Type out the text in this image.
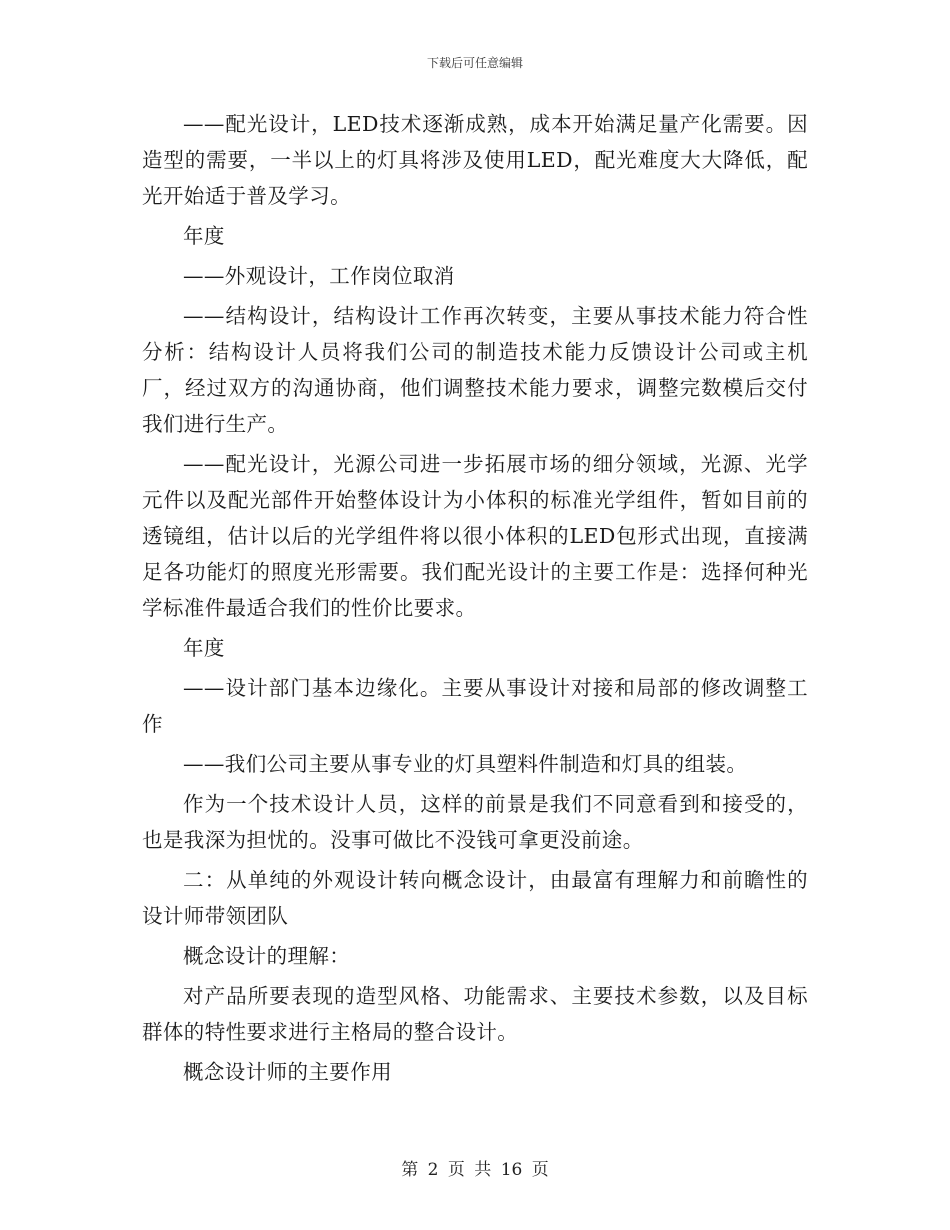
下载后可任意编辑

——配光设计，LED技术逐渐成熟，成本开始满足量产化需要。因造型的需要，一半以上的灯具将涉及使用LED，配光难度大大降低，配光开始适于普及学习。

年度

——外观设计，工作岗位取消

——结构设计，结构设计工作再次转变，主要从事技术能力符合性分析：结构设计人员将我们公司的制造技术能力反馈设计公司或主机厂，经过双方的沟通协商，他们调整技术能力要求，调整完数模后交付我们进行生产。

——配光设计，光源公司进一步拓展市场的细分领域，光源、光学元件以及配光部件开始整体设计为小体积的标准光学组件，暂如目前的透镜组，估计以后的光学组件将以很小体积的LED包形式出现，直接满足各功能灯的照度光形需要。我们配光设计的主要工作是：选择何种光学标准件最适合我们的性价比要求。

年度

——设计部门基本边缘化。主要从事设计对接和局部的修改调整工作

——我们公司主要从事专业的灯具塑料件制造和灯具的组装。

作为一个技术设计人员，这样的前景是我们不同意看到和接受的，也是我深为担忧的。没事可做比不没钱可拿更没前途。

二：从单纯的外观设计转向概念设计，由最富有理解力和前瞻性的设计师带领团队

概念设计的理解：

对产品所要表现的造型风格、功能需求、主要技术参数，以及目标群体的特性要求进行主格局的整合设计。

概念设计师的主要作用

第 2 页 共 16 页
